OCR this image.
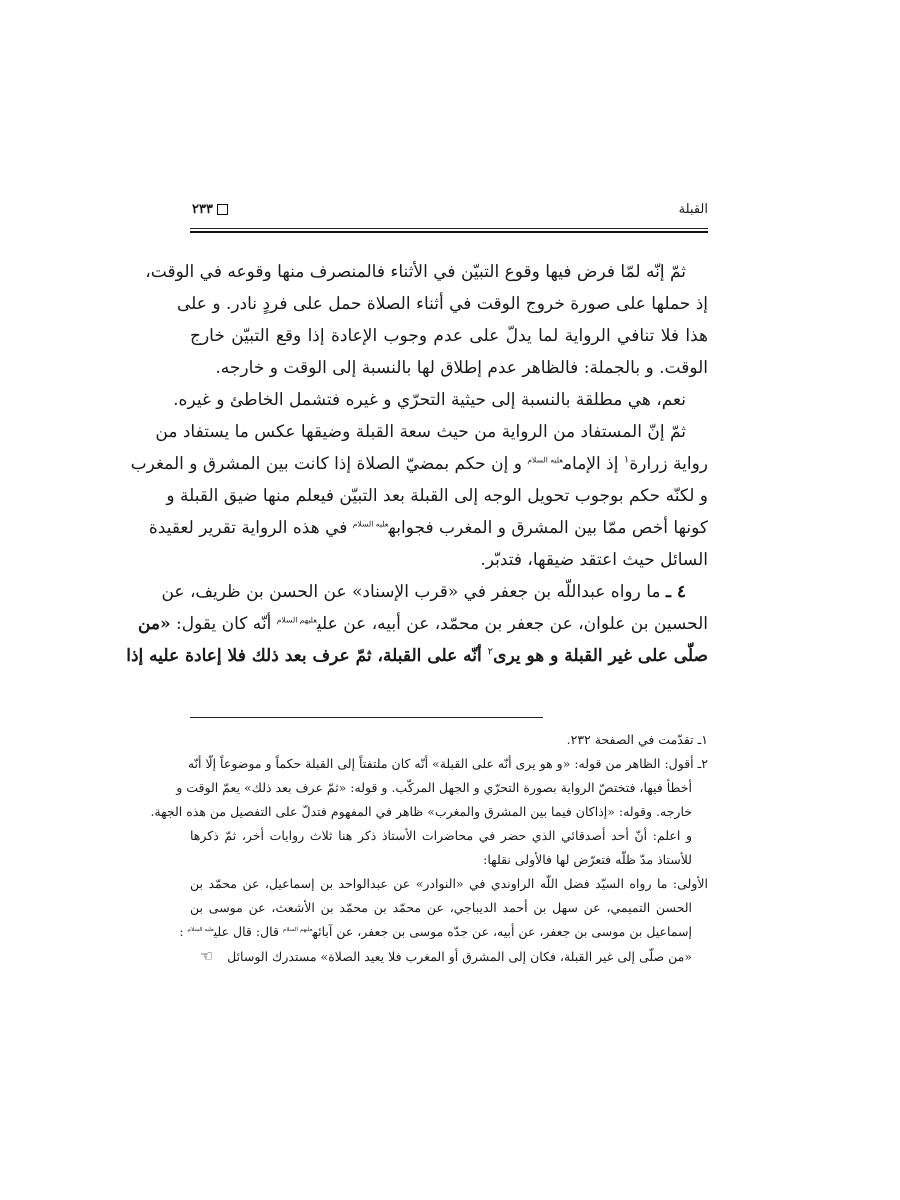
القبلة
٢٣٣
ثمّ إنّه لمّا فرض فيها وقوع التبيّن في الأثناء فالمنصرف منها وقوعه في الوقت،
إذ حملها على صورة خروج الوقت في أثناء الصلاة حمل على فردٍ نادر. و على
هذا فلا تنافي الرواية لما يدلّ على عدم وجوب الإعادة إذا وقع التبيّن خارج
الوقت. و بالجملة: فالظاهر عدم إطلاق لها بالنسبة إلى الوقت و خارجه.
نعم، هي مطلقة بالنسبة إلى حيثية التحرّي و غيره فتشمل الخاطئ و غيره.
ثمّ إنّ المستفاد من الرواية من حيث سعة القبلة وضيقها عكس ما يستفاد من
رواية زرارة$^١$ إذ الإمام$^{عليه السلام}$ و إن حكم بمضيّ الصلاة إذا كانت بين المشرق و المغرب
و لكنّه حكم بوجوب تحويل الوجه إلى القبلة بعد التبيّن فيعلم منها ضيق القبلة و
كونها أخص ممّا بين المشرق و المغرب فجوابه$^{عليه السلام}$ في هذه الرواية تقرير لعقيدة
السائل حيث اعتقد ضيقها، فتدبّر.
٤ ـ ما رواه عبداللّه بن جعفر في «قرب الإسناد» عن الحسن بن ظريف، عن
الحسين بن علوان، عن جعفر بن محمّد، عن أبيه، عن علي$^{عليهم السلام}$ أنّه كان يقول: «من
صلّى على غير القبلة و هو يرى$^٢$ أنّه على القبلة، ثمّ عرف بعد ذلك فلا إعادة عليه إذا
١ـ تقدّمت في الصفحة ٢٣٢.
٢ـ أقول: الظاهر من قوله: «و هو يرى أنّه على القبلة» أنّه كان ملتفتاً إلى القبلة حكماً و موضوعاً إلّا أنّه
أخطأ فيها، فتختصّ الرواية بصورة التحرّي و الجهل المركّب. و قوله: «ثمّ عرف بعد ذلك» يعمّ الوقت و
خارجه. وقوله: «إذاكان فيما بين المشرق والمغرب» ظاهر في المفهوم فتدلّ على التفصيل من هذه الجهة.
و اعلم: أنّ أحد أصدقائي الذي حضر في محاضرات الأستاذ ذكر هنا ثلاث روايات أخر، ثمّ ذكرها
للأستاذ مدّ ظلّه فتعرّض لها فالأولى نقلها:
الأولى: ما رواه السيّد فضل اللّه الراوندي في «النوادر» عن عبدالواحد بن إسماعيل، عن محمّد بن
الحسن التميمي، عن سهل بن أحمد الديباجي، عن محمّد بن محمّد بن الأشعث، عن موسى بن
إسماعيل بن موسى بن جعفر، عن أبيه، عن جدّه موسى بن جعفر، عن آبائه$^{عليهم السلام}$ قال: قال علي$^{عليه السلام}$ :
«من صلّى إلى غير القبلة، فكان إلى المشرق أو المغرب فلا يعيد الصلاة» مستدرك الوسائل☜
